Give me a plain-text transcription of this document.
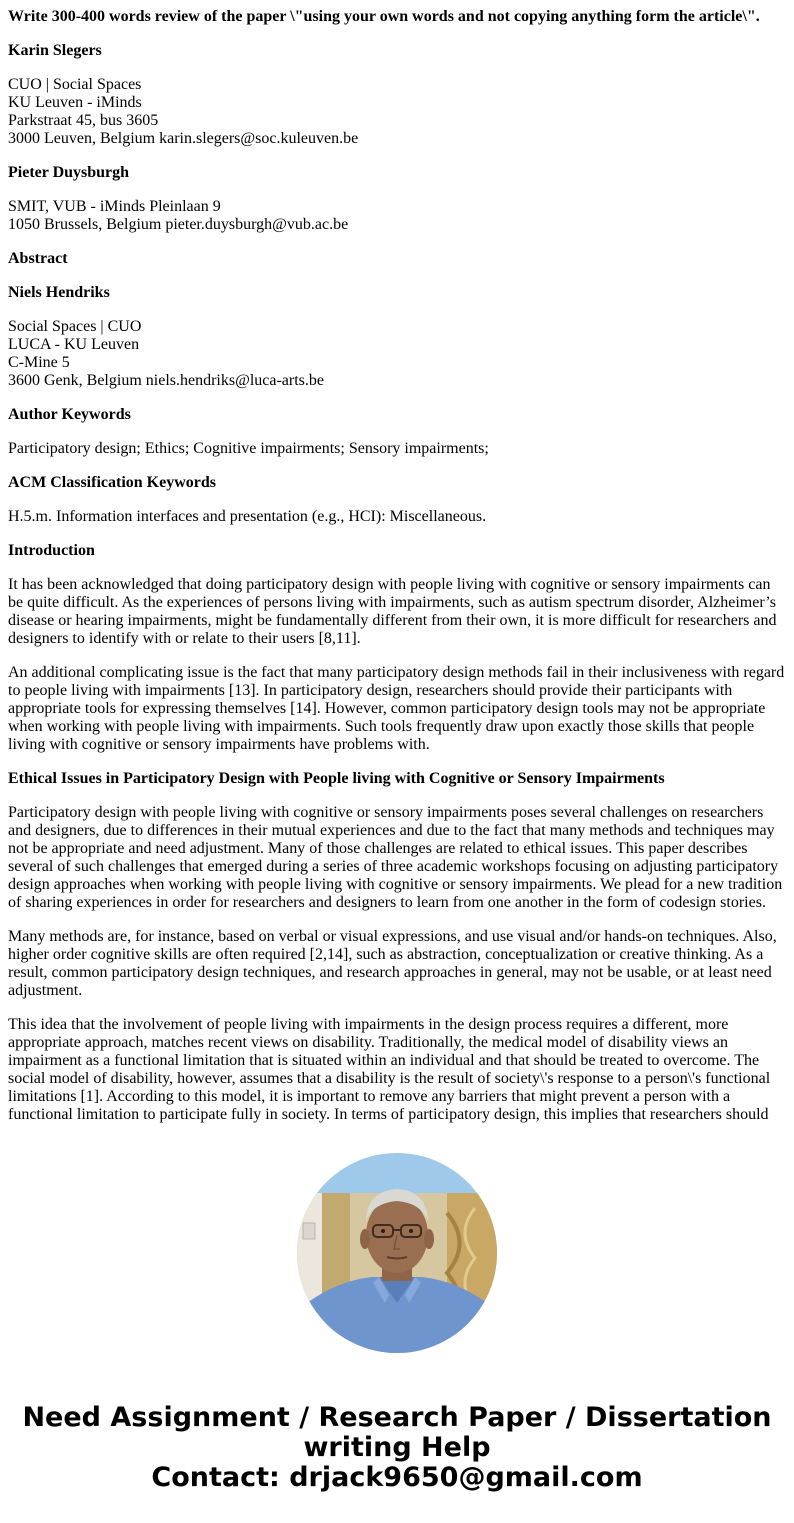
Write 300-400 words review of the paper \"using your own words and not copying anything form the article\".

Karin Slegers

CUO | Social Spaces
KU Leuven - iMinds
Parkstraat 45, bus 3605
3000 Leuven, Belgium karin.slegers@soc.kuleuven.be

Pieter Duysburgh

SMIT, VUB - iMinds Pleinlaan 9
1050 Brussels, Belgium pieter.duysburgh@vub.ac.be

Abstract

Niels Hendriks

Social Spaces | CUO
LUCA - KU Leuven
C-Mine 5
3600 Genk, Belgium niels.hendriks@luca-arts.be

Author Keywords

Participatory design; Ethics; Cognitive impairments; Sensory impairments;

ACM Classification Keywords

H.5.m. Information interfaces and presentation (e.g., HCI): Miscellaneous.

Introduction

It has been acknowledged that doing participatory design with people living with cognitive or sensory impairments can be quite difficult. As the experiences of persons living with impairments, such as autism spectrum disorder, Alzheimer’s disease or hearing impairments, might be fundamentally different from their own, it is more difficult for researchers and designers to identify with or relate to their users [8,11].

An additional complicating issue is the fact that many participatory design methods fail in their inclusiveness with regard to people living with impairments [13]. In participatory design, researchers should provide their participants with appropriate tools for expressing themselves [14]. However, common participatory design tools may not be appropriate when working with people living with impairments. Such tools frequently draw upon exactly those skills that people living with cognitive or sensory impairments have problems with.

Ethical Issues in Participatory Design with People living with Cognitive or Sensory Impairments

Participatory design with people living with cognitive or sensory impairments poses several challenges on researchers and designers, due to differences in their mutual experiences and due to the fact that many methods and techniques may not be appropriate and need adjustment. Many of those challenges are related to ethical issues. This paper describes several of such challenges that emerged during a series of three academic workshops focusing on adjusting participatory design approaches when working with people living with cognitive or sensory impairments. We plead for a new tradition of sharing experiences in order for researchers and designers to learn from one another in the form of codesign stories.

Many methods are, for instance, based on verbal or visual expressions, and use visual and/or hands-on techniques. Also, higher order cognitive skills are often required [2,14], such as abstraction, conceptualization or creative thinking. As a result, common participatory design techniques, and research approaches in general, may not be usable, or at least need adjustment.

This idea that the involvement of people living with impairments in the design process requires a different, more appropriate approach, matches recent views on disability. Traditionally, the medical model of disability views an impairment as a functional limitation that is situated within an individual and that should be treated to overcome. The social model of disability, however, assumes that a disability is the result of society\'s response to a person\'s functional limitations [1]. According to this model, it is important to remove any barriers that might prevent a person with a functional limitation to participate fully in society. In terms of participatory design, this implies that researchers should

Need Assignment / Research Paper / Dissertation
writing Help
Contact: drjack9650@gmail.com
